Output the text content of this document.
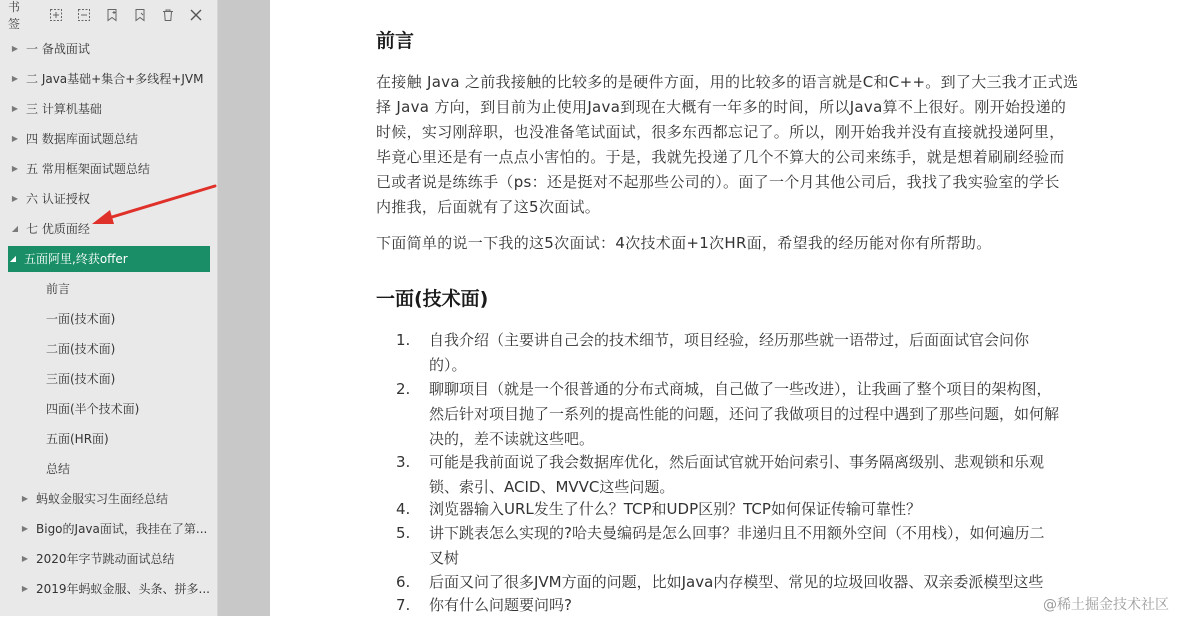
书签
▶ 一 备战面试
▶ 二 Java基础+集合+多线程+JVM
▶ 三 计算机基础
▶ 四 数据库面试题总结
▶ 五 常用框架面试题总结
▶ 六 认证授权
◢ 七 优质面经
◢ 五面阿里,终获offer
前言
一面(技术面)
二面(技术面)
三面(技术面)
四面(半个技术面)
五面(HR面)
总结
▶ 蚂蚁金服实习生面经总结
▶ Bigo的Java面试，我挂在了第...
▶ 2020年字节跳动面试总结
▶ 2019年蚂蚁金服、头条、拼多...
前言
在接触 Java 之前我接触的比较多的是硬件方面，用的比较多的语言就是C和C++。到了大三我才正式选
择 Java 方向，到目前为止使用Java到现在大概有一年多的时间，所以Java算不上很好。刚开始投递的
时候，实习刚辞职，也没准备笔试面试，很多东西都忘记了。所以，刚开始我并没有直接就投递阿里，
毕竟心里还是有一点点小害怕的。于是，我就先投递了几个不算大的公司来练手，就是想着刷刷经验而
已或者说是练练手（ps：还是挺对不起那些公司的）。面了一个月其他公司后，我找了我实验室的学长
内推我，后面就有了这5次面试。
下面简单的说一下我的这5次面试：4次技术面+1次HR面，希望我的经历能对你有所帮助。
一面(技术面)
1.	自我介绍（主要讲自己会的技术细节，项目经验，经历那些就一语带过，后面面试官会问你
的）。
2.	聊聊项目（就是一个很普通的分布式商城，自己做了一些改进），让我画了整个项目的架构图，
然后针对项目抛了一系列的提高性能的问题，还问了我做项目的过程中遇到了那些问题，如何解
决的，差不读就这些吧。
3.	可能是我前面说了我会数据库优化，然后面试官就开始问索引、事务隔离级别、悲观锁和乐观
锁、索引、ACID、MVVC这些问题。
4.	浏览器输入URL发生了什么？TCP和UDP区别？TCP如何保证传输可靠性？
5.	讲下跳表怎么实现的?哈夫曼编码是怎么回事？非递归且不用额外空间（不用栈），如何遍历二
叉树
6.	后面又问了很多JVM方面的问题，比如Java内存模型、常见的垃圾回收器、双亲委派模型这些
7.	你有什么问题要问吗?	@稀土掘金技术社区
